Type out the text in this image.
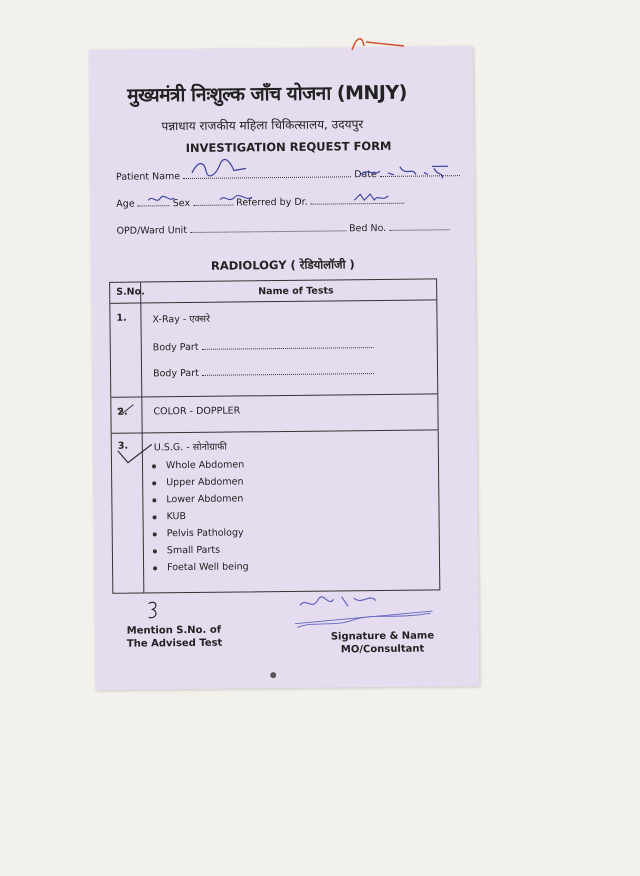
मुख्यमंत्री निःशुल्क जाँच योजना (MNJY)
पन्नाधाय राजकीय महिला चिकित्सालय, उदयपुर
INVESTIGATION REQUEST FORM
Patient Name	Date
Age	Sex	Referred by Dr.
OPD/Ward Unit	Bed No.
RADIOLOGY ( रेडियोलॉजी )
S.No.	Name of Tests
1.	X-Ray - एक्सरे
Body Part
Body Part
2.	COLOR - DOPPLER
3.	U.S.G. - सोनोग्राफी
Whole Abdomen
Upper Abdomen
Lower Abdomen
KUB
Pelvis Pathology
Small Parts
Foetal Well being
Mention S.No. of
The Advised Test
Signature & Name
MO/Consultant
